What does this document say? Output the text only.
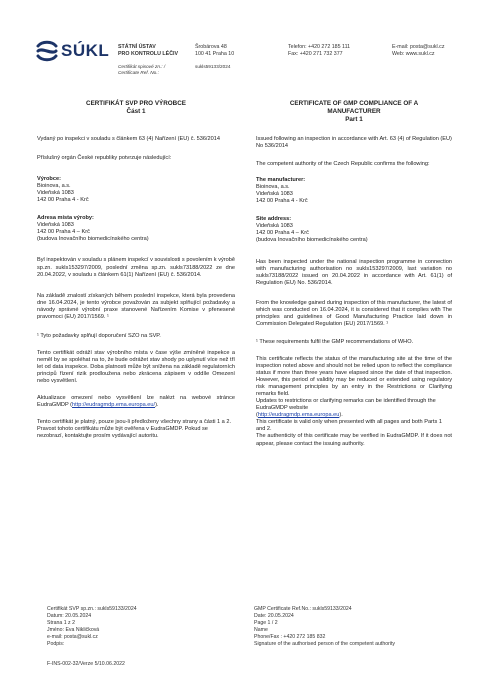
SÚKL STÁTNÍ ÚSTAV
PRO KONTROLU LÉČIV
Šrobárova 48
100 41 Praha 10
Telefon: +420 272 185 111
Fax: +420 271 732 377
E-mail: posta@sukl.cz
Web: www.sukl.cz
Certifikát spisové zn.: /
Certificate Ref. No.:
sukls59133/2024
CERTIFIKÁT SVP PRO VÝROBCE
Část 1

Vydaný po inspekci v souladu s článkem 63 (4) Nařízení (EU) č. 536/2014

Příslušný orgán České republiky potvrzuje následující:

Výrobce:
Bioinova, a.s.
Videňská 1083
142 00 Praha 4 - Krč
Adresa místa výroby:
Videňská 1083
142 00 Praha 4 – Krč
(budova Inovačního biomedicínského centra)

Byl inspektován v souladu s plánem inspekcí v souvislosti s povolením k výrobě sp.zn. sukls153297/2009, poslední změna sp.zn. sukls73188/2022 ze dne 20.04.2022, v souladu s článkem 61(1) Nařízení (EU) č. 536/2014.

Na základě znalostí získaných během poslední inspekce, která byla provedena dne 16.04.2024, je tento výrobce považován za subjekt splňující požadavky a návody správné výrobní praxe stanovené Nařízením Komise v přenesené pravomoci (EU) 2017/1569. ¹

¹ Tyto požadavky splňují doporučení SZO na SVP.

Tento certifikát odráží stav výrobního místa v čase výše zmíněné inspekce a neměl by se spoléhat na to, že bude odrážet stav shody po uplynutí více než tří let od data inspekce. Doba platnosti může být snížena na základě regulatorních principů řízení rizik prodloužena nebo zkrácena zápisem v oddíle Omezení nebo vysvětlení.

Aktualizace omezení nebo vysvětlení lze nalézt na webové stránce EudraGMDP (http://eudragmdp.ema.europa.eu/).

Tento certifikát je platný, pouze jsou-li předloženy všechny strany a části 1 a 2.

Pravost tohoto certifikátu může být ověřena v EudraGMDP. Pokud se nezobrazí, kontaktujte prosím vydávající autoritu.

CERTIFICATE OF GMP COMPLIANCE OF A
MANUFACTURER
Part 1

Issued following an inspection in accordance with Art. 63 (4) of Regulation (EU) No 536/2014

The competent authority of the Czech Republic confirms the following:

The manufacturer:
Bioinova, a.s.
Videňská 1083
142 00 Praha 4 - Krč
Site address:
Videňská 1083
142 00 Praha 4 – Krč
(budova Inovačního biomedicínského centra)

Has been inspected under the national inspection programme in connection with manufacturing authorisation no sukls153297/2009, last variation no sukls73188/2022 issued on 20.04.2022 in accordance with Art. 61(1) of Regulation (EU) No. 536/2014.

From the knowledge gained during inspection of this manufacturer, the latest of which was conducted on 16.04.2024, it is considered that it complies with The principles and guidelines of Good Manufacturing Practice laid down in Commission Delegated Regulation (EU) 2017/1569. ¹

¹ These requirements fulfil the GMP recommendations of WHO.

This certificate reflects the status of the manufacturing site at the time of the inspection noted above and should not be relied upon to reflect the compliance status if more than three years have elapsed since the date of that inspection. However, this period of validity may be reduced or extended using regulatory risk management principles by an entry in the Restrictions or Clarifying remarks field.

Updates to restrictions or clarifying remarks can be identified through the EudraGMDP website
(http://eudragmdp.ema.europa.eu).

This certificate is valid only when presented with all pages and both Parts 1 and 2.

The authenticity of this certificate may be verified in EudraGMDP. If it does not appear, please contact the issuing authority.

Certifikát SVP sp.zn.: sukls59133/2024
Datum: 20.05.2024
Strana 1 z 2
Jméno: Eva Nikličková
e-mail: posta@sukl.cz
Podpis:
GMP Certificate Ref.No.: sukls59133/2024
Date: 20.05.2024
Page 1 / 2
Name
Phone/Fax : +420 272 185 832
Signature of the authorised person of the competent authority
F-INS-002-32/Verze 5/10.06.2022
